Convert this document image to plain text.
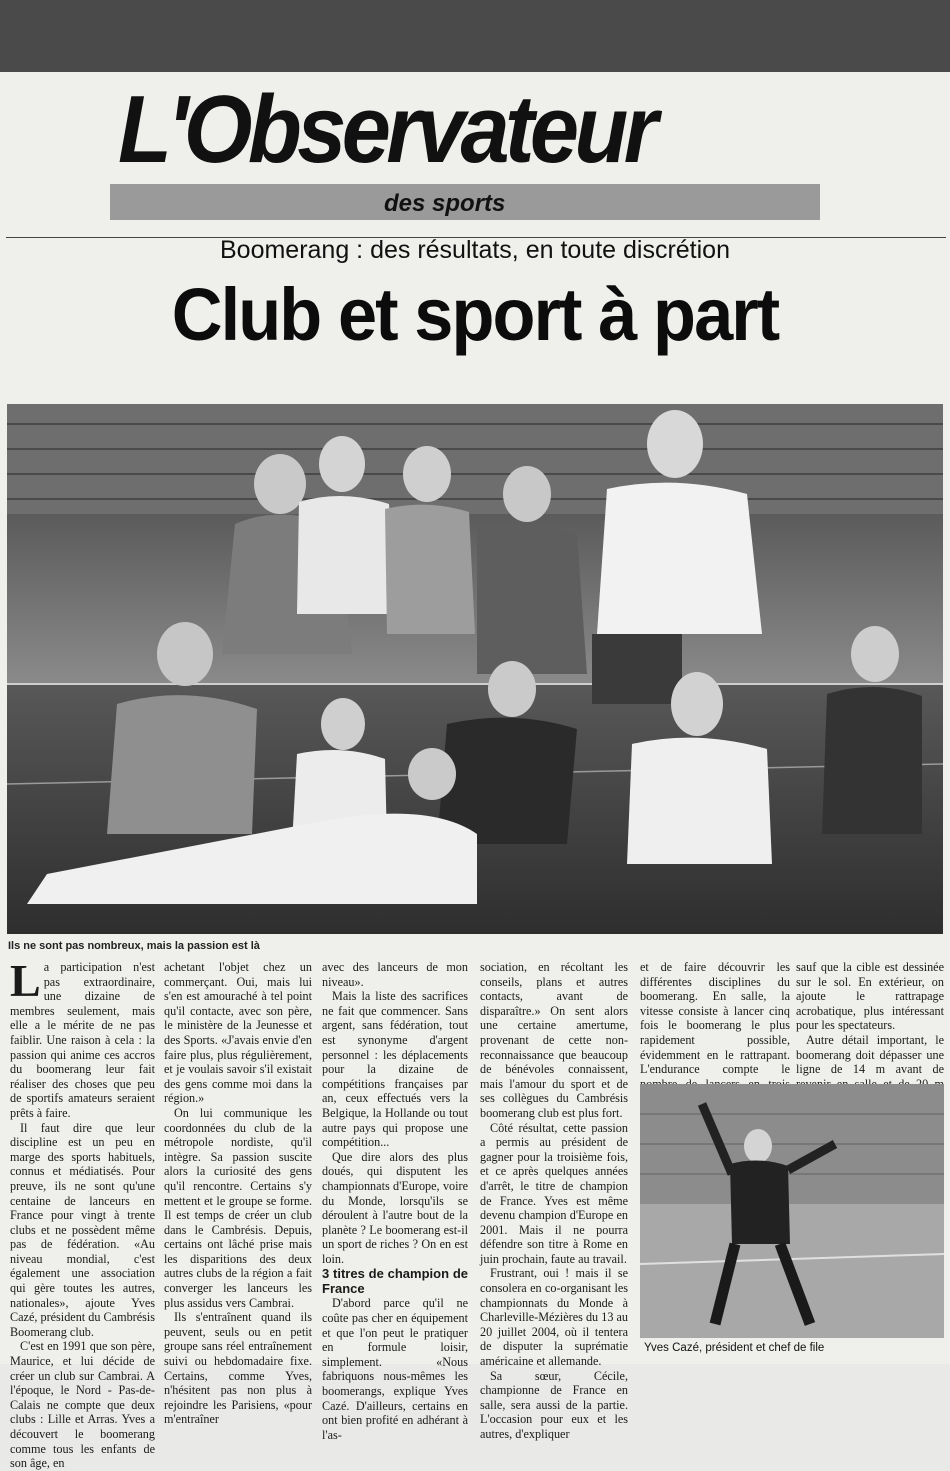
L'Observateur
des sports
Boomerang : des résultats, en toute discrétion
Club et sport à part
Ils ne sont pas nombreux, mais la passion est là

La participation n'est pas extraordinaire, une dizaine de membres seulement, mais elle a le mérite de ne pas faiblir. Une raison à cela : la passion qui anime ces accros du boomerang leur fait réaliser des choses que peu de sportifs amateurs seraient prêts à faire.

Il faut dire que leur discipline est un peu en marge des sports habituels, connus et médiatisés. Pour preuve, ils ne sont qu'une centaine de lanceurs en France pour vingt à trente clubs et ne possèdent même pas de fédération. «Au niveau mondial, c'est également une association qui gère toutes les autres, nationales», ajoute Yves Cazé, président du Cambrésis Boomerang club.

C'est en 1991 que son père, Maurice, et lui décide de créer un club sur Cambrai. A l'époque, le Nord - Pas-de-Calais ne compte que deux clubs : Lille et Arras. Yves a découvert le boomerang comme tous les enfants de son âge, en

achetant l'objet chez un commerçant. Oui, mais lui s'en est amouraché à tel point qu'il contacte, avec son père, le ministère de la Jeunesse et des Sports. «J'avais envie d'en faire plus, plus régulièrement, et je voulais savoir s'il existait des gens comme moi dans la région.»

On lui communique les coordonnées du club de la métropole nordiste, qu'il intègre. Sa passion suscite alors la curiosité des gens qu'il rencontre. Certains s'y mettent et le groupe se forme. Il est temps de créer un club dans le Cambrésis. Depuis, certains ont lâché prise mais les disparitions des deux autres clubs de la région a fait converger les lanceurs les plus assidus vers Cambrai.

Ils s'entraînent quand ils peuvent, seuls ou en petit groupe sans réel entraînement suivi ou hebdomadaire fixe. Certains, comme Yves, n'hésitent pas non plus à rejoindre les Parisiens, «pour m'entraîner

avec des lanceurs de mon niveau».

Mais la liste des sacrifices ne fait que commencer. Sans argent, sans fédération, tout est synonyme d'argent personnel : les déplacements pour la dizaine de compétitions françaises par an, ceux effectués vers la Belgique, la Hollande ou tout autre pays qui propose une compétition...

Que dire alors des plus doués, qui disputent les championnats d'Europe, voire du Monde, lorsqu'ils se déroulent à l'autre bout de la planète ? Le boomerang est-il un sport de riches ? On en est loin.

3 titres de champion de France

D'abord parce qu'il ne coûte pas cher en équipement et que l'on peut le pratiquer en formule loisir, simplement. «Nous fabriquons nous-mêmes les boomerangs, explique Yves Cazé. D'ailleurs, certains en ont bien profité en adhérant à l'as-

sociation, en récoltant les conseils, plans et autres contacts, avant de disparaître.» On sent alors une certaine amertume, provenant de cette non-reconnaissance que beaucoup de bénévoles connaissent, mais l'amour du sport et de ses collègues du Cambrésis boomerang club est plus fort.

Côté résultat, cette passion a permis au président de gagner pour la troisième fois, et ce après quelques années d'arrêt, le titre de champion de France. Yves est même devenu champion d'Europe en 2001. Mais il ne pourra défendre son titre à Rome en juin prochain, faute au travail.

Frustrant, oui ! mais il se consolera en co-organisant les championnats du Monde à Charleville-Mézières du 13 au 20 juillet 2004, où il tentera de disputer la suprématie américaine et allemande.

Sa sœur, Cécile, championne de France en salle, sera aussi de la partie. L'occasion pour eux et les autres, d'expliquer

et de faire découvrir les différentes disciplines du boomerang. En salle, la vitesse consiste à lancer cinq fois le boomerang le plus rapidement possible, évidemment en le rattrapant. L'endurance compte le

sauf que la cible est dessinée sur le sol. En extérieur, on ajoute le rattrapage acrobatique, plus intéressant pour les spectateurs.

Autre détail important, le boomerang doit dépasser une ligne de 14 m avant de

Yves Cazé, président et chef de file
